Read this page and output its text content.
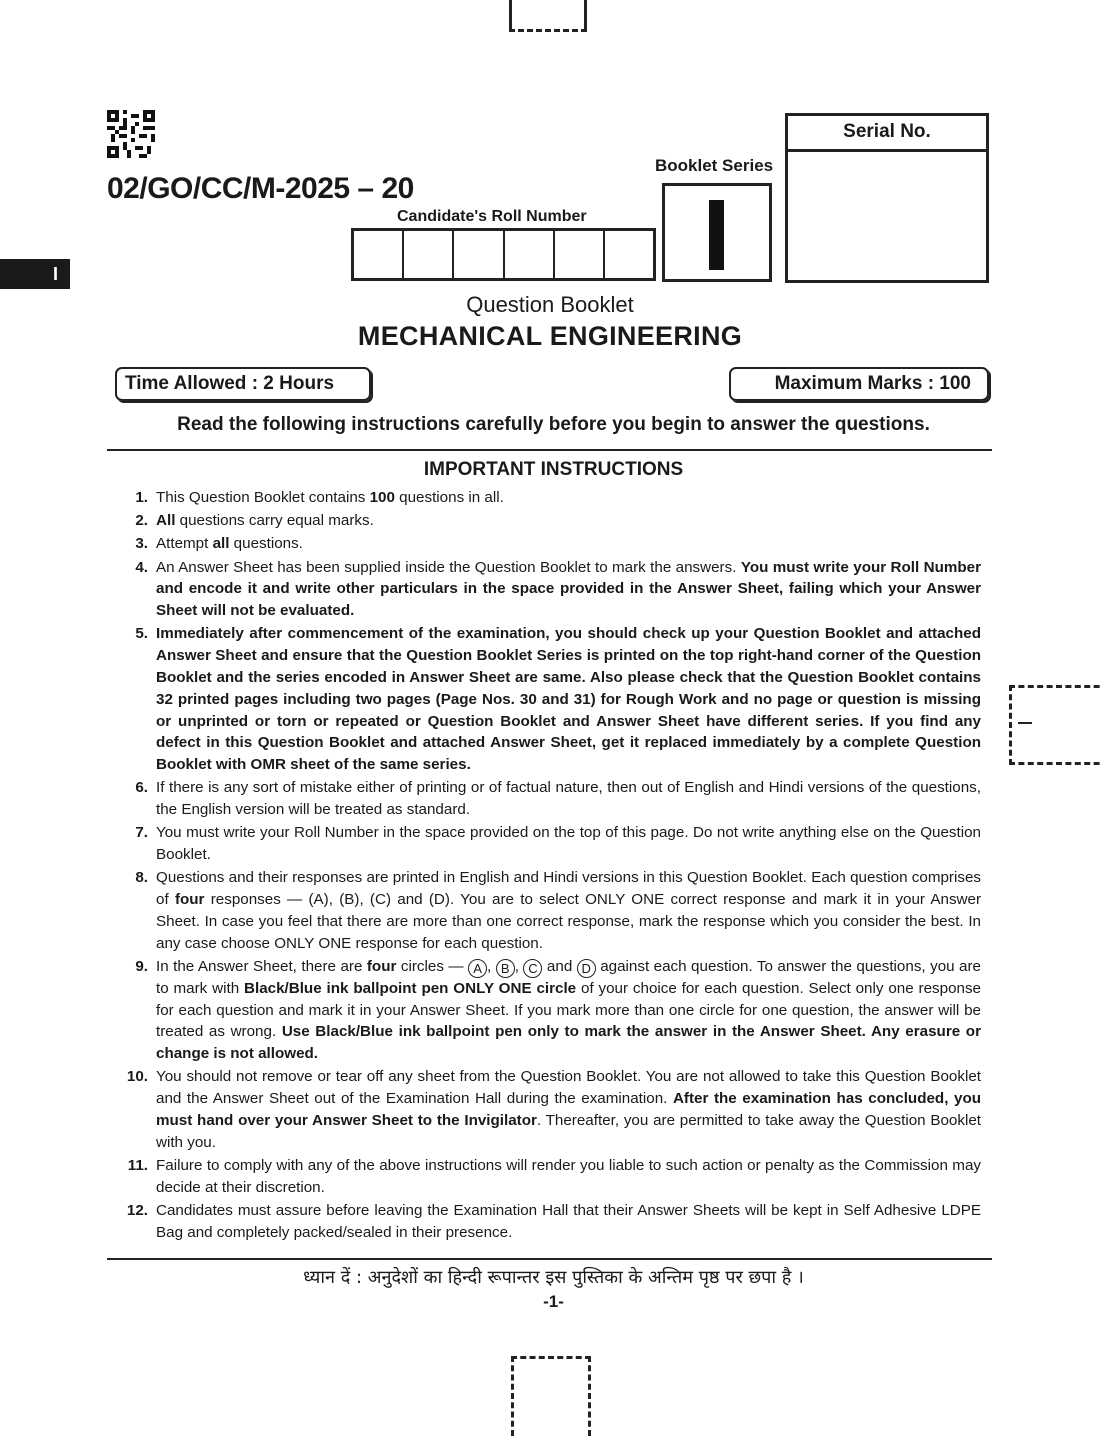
I
02/GO/CC/M-2025 – 20
Candidate's Roll Number
Booklet Series
Serial No.
Question Booklet
MECHANICAL ENGINEERING
Time Allowed : 2 Hours	Maximum Marks : 100
Read the following instructions carefully before you begin to answer the questions.
IMPORTANT INSTRUCTIONS
1. This Question Booklet contains 100 questions in all.
2. All questions carry equal marks.
3. Attempt all questions.
4. An Answer Sheet has been supplied inside the Question Booklet to mark the answers. You must write your Roll Number and encode it and write other particulars in the space provided in the Answer Sheet, failing which your Answer Sheet will not be evaluated.
5. Immediately after commencement of the examination, you should check up your Question Booklet and attached Answer Sheet and ensure that the Question Booklet Series is printed on the top right-hand corner of the Question Booklet and the series encoded in Answer Sheet are same. Also please check that the Question Booklet contains 32 printed pages including two pages (Page Nos. 30 and 31) for Rough Work and no page or question is missing or unprinted or torn or repeated or Question Booklet and Answer Sheet have different series. If you find any defect in this Question Booklet and attached Answer Sheet, get it replaced immediately by a complete Question Booklet with OMR sheet of the same series.
6. If there is any sort of mistake either of printing or of factual nature, then out of English and Hindi versions of the questions, the English version will be treated as standard.
7. You must write your Roll Number in the space provided on the top of this page. Do not write anything else on the Question Booklet.
8. Questions and their responses are printed in English and Hindi versions in this Question Booklet. Each question comprises of four responses — (A), (B), (C) and (D). You are to select ONLY ONE correct response and mark it in your Answer Sheet. In case you feel that there are more than one correct response, mark the response which you consider the best. In any case choose ONLY ONE response for each question.
9. In the Answer Sheet, there are four circles — A , B , C and D against each question. To answer the questions, you are to mark with Black/Blue ink ballpoint pen ONLY ONE circle of your choice for each question. Select only one response for each question and mark it in your Answer Sheet. If you mark more than one circle for one question, the answer will be treated as wrong. Use Black/Blue ink ballpoint pen only to mark the answer in the Answer Sheet. Any erasure or change is not allowed.
10. You should not remove or tear off any sheet from the Question Booklet. You are not allowed to take this Question Booklet and the Answer Sheet out of the Examination Hall during the examination. After the examination has concluded, you must hand over your Answer Sheet to the Invigilator. Thereafter, you are permitted to take away the Question Booklet with you.
11. Failure to comply with any of the above instructions will render you liable to such action or penalty as the Commission may decide at their discretion.
12. Candidates must assure before leaving the Examination Hall that their Answer Sheets will be kept in Self Adhesive LDPE Bag and completely packed/sealed in their presence.
ध्यान दें : अनुदेशों का हिन्दी रूपान्तर इस पुस्तिका के अन्तिम पृष्ठ पर छपा है ।
-1-
